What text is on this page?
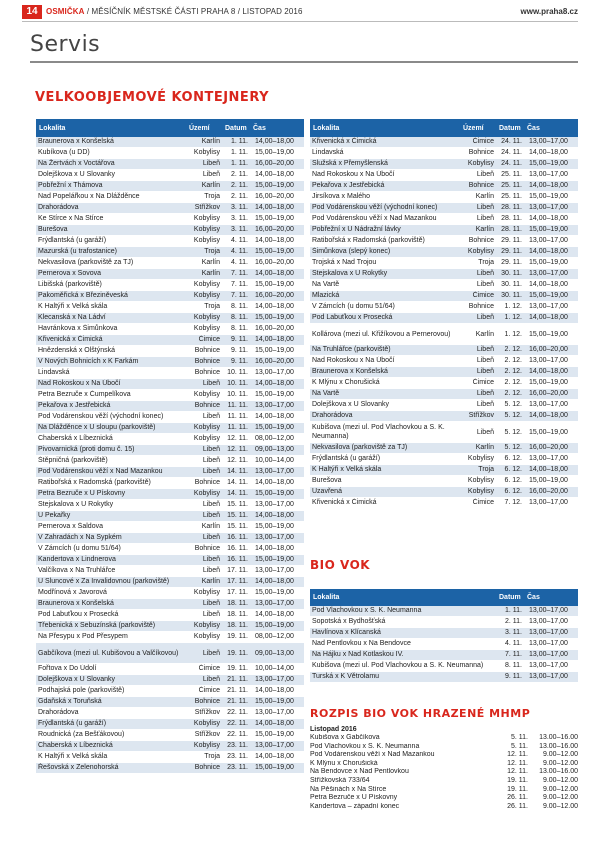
14	OSMIČKA / MĚSÍČNÍK MĚSTSKÉ ČÁSTI PRAHA 8 / LISTOPAD 2016	www.praha8.cz
Servis
VELKOOBJEMOVÉ KONTEJNERY
Lokalita	Území	Datum	Čas
Braunerova x Konšelská	Karlín	1. 11.	14,00–18,00
Kubíkova (u DD)	Kobylisy	1. 11.	15,00–19,00
Na Žertvách x Voctářova	Libeň	1. 11.	16,00–20,00
Dolejškova x U Slovanky	Libeň	2. 11.	14,00–18,00
Pobřežní x Thámova	Karlín	2. 11.	15,00–19,00
Nad Popelářkou x Na Dlážděnce	Troja	2. 11.	16,00–20,00
Drahorádova	Střížkov	3. 11.	14,00–18,00
Ke Stírce x Na Stírce	Kobylisy	3. 11.	15,00–19,00
Burešova	Kobylisy	3. 11.	16,00–20,00
Frýdlantská (u garáží)	Kobylisy	4. 11.	14,00–18,00
Mazurská (u trafostanice)	Troja	4. 11.	15,00–19,00
Nekvasilova (parkoviště za TJ)	Karlín	4. 11.	16,00–20,00
Pernerova x Sovova	Karlín	7. 11.	14,00–18,00
Libišská (parkoviště)	Kobylisy	7. 11.	15,00–19,00
Pakoměřická x Březiněveská	Kobylisy	7. 11.	16,00–20,00
K Haltýři x Velká skála	Troja	8. 11.	14,00–18,00
Klecanská x Na Ládví	Kobylisy	8. 11.	15,00–19,00
Havránkova x Šimůnkova	Kobylisy	8. 11.	16,00–20,00
Křivenická x Čimická	Čimice	9. 11.	14,00–18,00
Hnězdenská x Olštýnská	Bohnice	9. 11.	15,00–19,00
V Nových Bohnicích x K Farkám	Bohnice	9. 11.	16,00–20,00
Lindavská	Bohnice	10. 11.	13,00–17,00
Nad Rokoskou x Na Úbočí	Libeň	10. 11.	14,00–18,00
Petra Bezruče x Čumpelíkova	Kobylisy	10. 11.	15,00–19,00
Pekařova x Jestřebická	Bohnice	11. 11.	13,00–17,00
Pod Vodárenskou věží (východní konec)	Libeň	11. 11.	14,00–18,00
Na Dlážděnce x U sloupu (parkoviště)	Kobylisy	11. 11.	15,00–19,00
Chaberská x Líbeznická	Kobylisy	12. 11.	08,00–12,00
Pivovarnická (proti domu č. 15)	Libeň	12. 11.	09,00–13,00
Štěpničná (parkoviště)	Libeň	12. 11.	10,00–14,00
Pod Vodárenskou věží x Nad Mazankou	Libeň	14. 11.	13,00–17,00
Ratibořská x Radomská (parkoviště)	Bohnice	14. 11.	14,00–18,00
Petra Bezruče x U Pískovny	Kobylisy	14. 11.	15,00–19,00
Stejskalova x U Rokytky	Libeň	15. 11.	13,00–17,00
U Pekařky	Libeň	15. 11.	14,00–18,00
Pernerova x Šaldova	Karlín	15. 11.	15,00–19,00
V Zahradách x Na Sypkém	Libeň	16. 11.	13,00–17,00
V Zámcích (u domu 51/64)	Bohnice	16. 11.	14,00–18,00
Kandertova x Lindnerova	Libeň	16. 11.	15,00–19,00
Valčíkova x Na Truhlářce	Libeň	17. 11.	13,00–17,00
U Sluncové x Za Invalidovnou (parkoviště)	Karlín	17. 11.	14,00–18,00
Modřínová x Javorová	Kobylisy	17. 11.	15,00–19,00
Braunerova x Konšelská	Libeň	18. 11.	13,00–17,00
Pod Labuťkou x Prosecká	Libeň	18. 11.	14,00–18,00
Třebenická x Sebuzínská (parkoviště)	Kobylisy	18. 11.	15,00–19,00
Na Přesypu x Pod Přesypem	Kobylisy	19. 11.	08,00–12,00
Gabčíkova (mezi ul. Kubišovou a Valčíkovou)	Libeň	19. 11.	09,00–13,00
Fořtova x Do Údolí	Čimice	19. 11.	10,00–14,00
Dolejškova x U Slovanky	Libeň	21. 11.	13,00–17,00
Podhajská pole (parkoviště)	Čimice	21. 11.	14,00–18,00
Gdaňská x Toruňská	Bohnice	21. 11.	15,00–19,00
Drahorádova	Střížkov	22. 11.	13,00–17,00
Frýdlantská (u garáží)	Kobylisy	22. 11.	14,00–18,00
Roudnická (za Bešťákovou)	Střížkov	22. 11.	15,00–19,00
Chaberská x Líbeznická	Kobylisy	23. 11.	13,00–17,00
K Haltýři x Velká skála	Troja	23. 11.	14,00–18,00
Řešovská x Zelenohorská	Bohnice	23. 11.	15,00–19,00
Lokalita	Území	Datum	Čas
Křivenická x Čimická	Čimice	24. 11.	13,00–17,00
Lindavská	Bohnice	24. 11.	14,00–18,00
Služská x Přemyšlenská	Kobylisy	24. 11.	15,00–19,00
Nad Rokoskou x Na Úbočí	Libeň	25. 11.	13,00–17,00
Pekařova x Jestřebická	Bohnice	25. 11.	14,00–18,00
Jirsíkova x Malého	Karlín	25. 11.	15,00–19,00
Pod Vodárenskou věží (východní konec)	Libeň	28. 11.	13,00–17,00
Pod Vodárenskou věží x Nad Mazankou	Libeň	28. 11.	14,00–18,00
Pobřežní x U Nádražní lávky	Karlín	28. 11.	15,00–19,00
Ratibořská x Radomská (parkoviště)	Bohnice	29. 11.	13,00–17,00
Šimůnkova (slepý konec)	Kobylisy	29. 11.	14,00–18,00
Trojská x Nad Trojou	Troja	29. 11.	15,00–19,00
Stejskalova x U Rokytky	Libeň	30. 11.	13,00–17,00
Na Vartě	Libeň	30. 11.	14,00–18,00
Mlazická	Čimice	30. 11.	15,00–19,00
V Zámcích (u domu 51/64)	Bohnice	1. 12.	13,00–17,00
Pod Labuťkou x Prosecká	Libeň	1. 12.	14,00–18,00
Kollárova (mezi ul. Křižíkovou a Pernerovou)	Karlín	1. 12.	15,00–19,00
Na Truhlářce (parkoviště)	Libeň	2. 12.	16,00–20,00
Nad Rokoskou x Na Úbočí	Libeň	2. 12.	13,00–17,00
Braunerova x Konšelská	Libeň	2. 12.	14,00–18,00
K Mlýnu x Chorušická	Čimice	2. 12.	15,00–19,00
Na Vartě	Libeň	2. 12.	16,00–20,00
Dolejškova x U Slovanky	Libeň	5. 12.	13,00–17,00
Drahorádova	Střížkov	5. 12.	14,00–18,00
Kubišova (mezi ul. Pod Vlachovkou a S. K. Neumanna)	Libeň	5. 12.	15,00–19,00
Nekvasilova (parkoviště za TJ)	Karlín	5. 12.	16,00–20,00
Frýdlantská (u garáží)	Kobylisy	6. 12.	13,00–17,00
K Haltýři x Velká skála	Troja	6. 12.	14,00–18,00
Burešova	Kobylisy	6. 12.	15,00–19,00
Uzavřená	Kobylisy	6. 12.	16,00–20,00
Křivenická x Čimická	Čimice	7. 12.	13,00–17,00
BIO VOK
Lokalita	Datum	Čas
Pod Vlachovkou x S. K. Neumanna	1. 11.	13,00–17,00
Sopotská x Bydhošťská	2. 11.	13,00–17,00
Havlínova x Klícanská	3. 11.	13,00–17,00
Nad Pentlovkou x Na Bendovce	4. 11.	13,00–17,00
Na Hájku x Nad Kotlaskou IV.	7. 11.	13,00–17,00
Kubišova (mezi ul. Pod Vlachovkou a S. K. Neumanna)	8. 11.	13,00–17,00
Turská x K Větrolamu	9. 11.	13,00–17,00
ROZPIS BIO VOK HRAZENÉ MHMP
Listopad 2016
Kubišova x Gabčíkova	5. 11.	13.00–16.00
Pod Vlachovkou x S. K. Neumanna	5. 11.	13.00–16.00
Pod Vodárenskou věží x Nad Mazankou	12. 11.	9.00–12.00
K Mlýnu x Chorušická	12. 11.	9.00–12.00
Na Bendovce x Nad Pentlovkou	12. 11.	13.00–16.00
Střížkovská 733/64	19. 11.	9.00–12.00
Na Pěšinách x Na Stírce	19. 11.	9.00–12.00
Petra Bezruče x U Pískovny	26. 11.	9.00–12.00
Kandertova – západní konec	26. 11.	9.00–12.00
